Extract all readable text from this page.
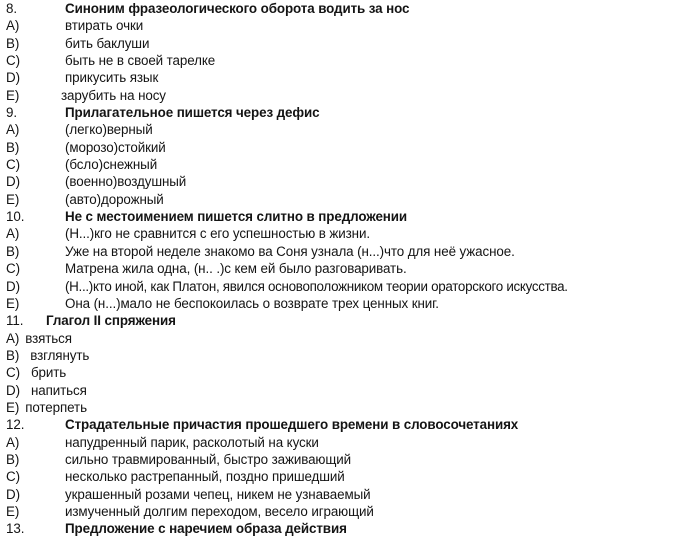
8.	Синоним фразеологического оборота водить за нос
A)	втирать очки
B)	бить баклуши
C)	быть не в своей тарелке
D)	прикусить язык
E)	зарубить на носу
9.	Прилагательное пишется через дефис
A)	(легко)верный
B)	(морозо)стойкий
C)	(бсло)снежный
D)	(военно)воздушный
E)	(авто)дорожный
10.	Не с местоимением пишется слитно в предложении
A)	(Н...)кго не сравнится с его успешностью в жизни.
B)	Уже на второй неделе знакомо ва Соня узнала (н...)что для неё ужасное.
C)	Матрена жила одна, (н.. .)с кем ей было разговаривать.
D)	(Н...)кто иной, как Платон, явился основоположником теории ораторского искусства.
E)	Она (н...)мало не беспокоилась о возврате трех ценных книг.
11.	Глагол II спряжения
A) взяться
B) взглянуть
C) брить
D) напиться
E) потерпеть
12.	Страдательные причастия прошедшего времени в словосочетаниях
A)	напудренный парик, расколотый на куски
B)	сильно травмированный, быстро заживающий
C)	несколько растрепанный, поздно пришедший
D)	украшенный розами чепец, никем не узнаваемый
E)	измученный долгим переходом, весело играющий
13.	Предложение с наречием образа действия
